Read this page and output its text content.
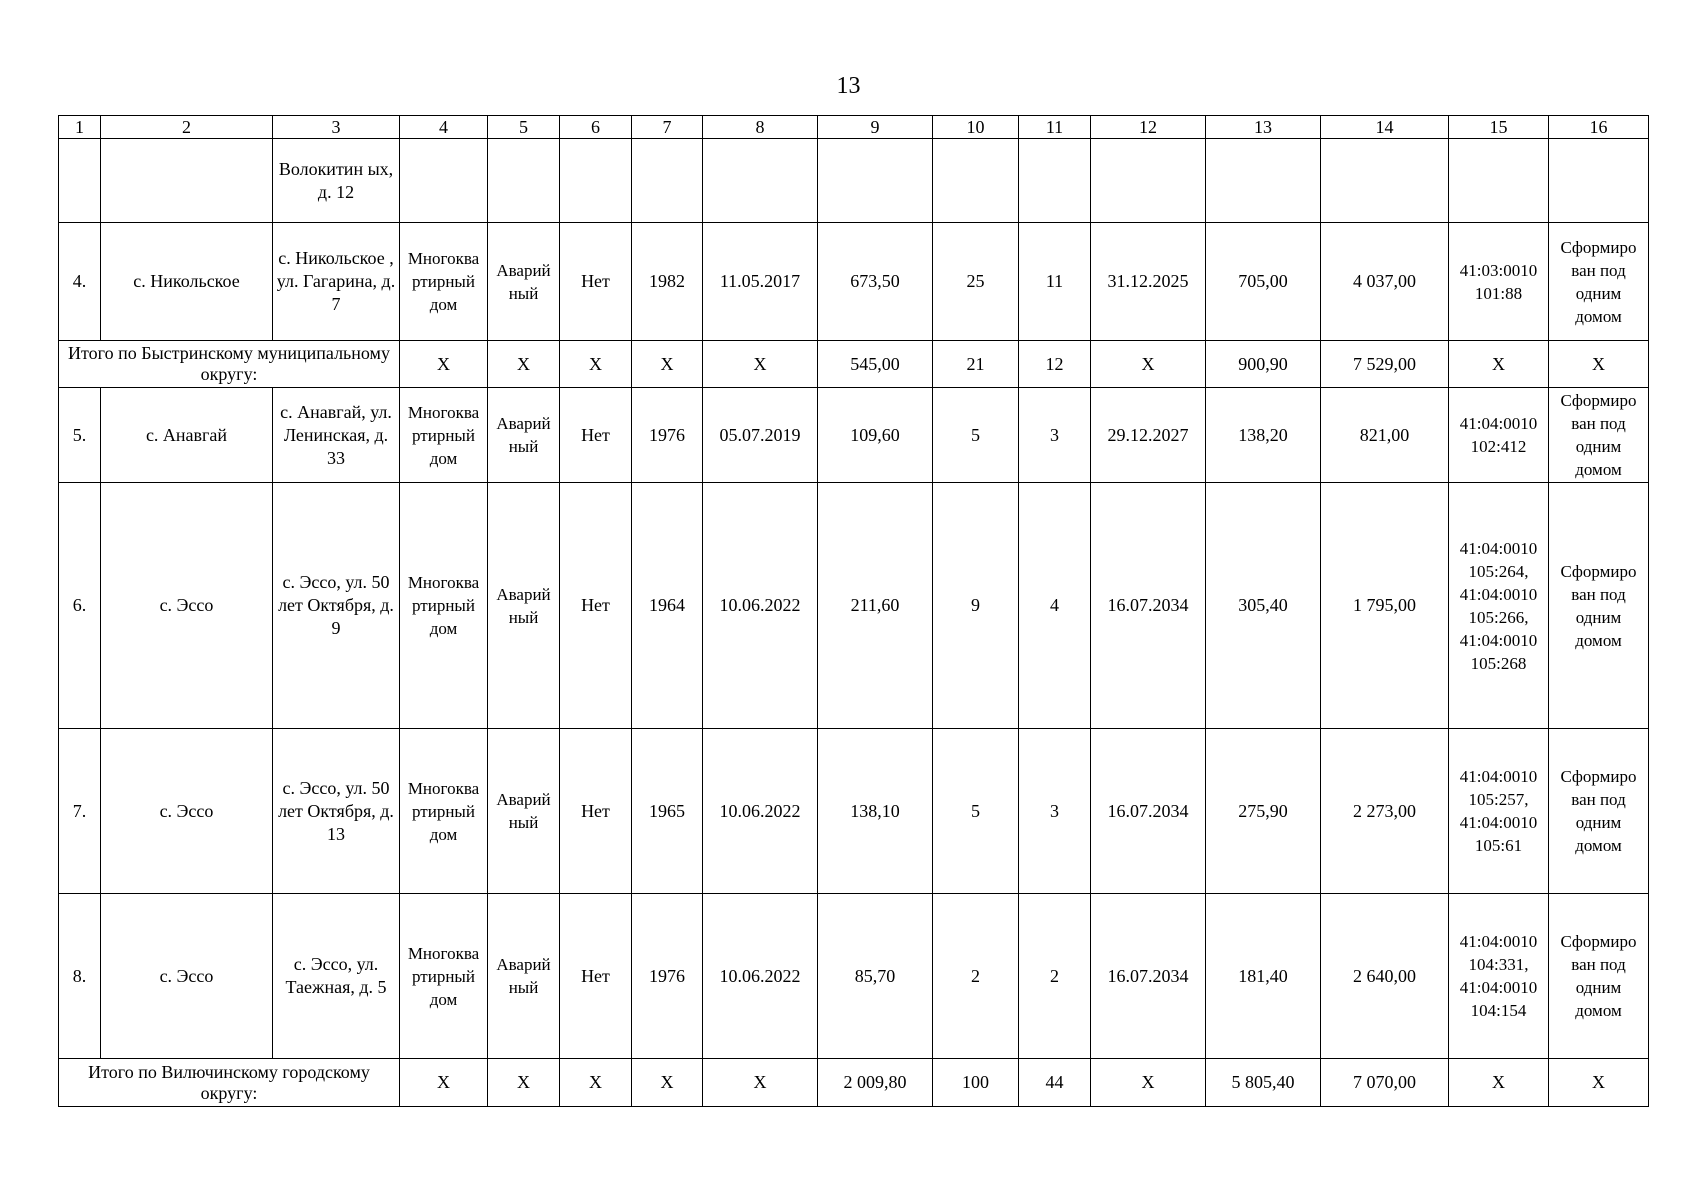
13
1	2	3	4	5	6	7	8	9	10	11	12	13	14	15	16
		Волокитин ых, д. 12													
4.	с. Никольское	с. Никольское , ул. Гагарина, д. 7	Многоква ртирный дом	Аварий ный	Нет	1982	11.05.2017	673,50	25	11	31.12.2025	705,00	4 037,00	41:03:0010 101:88	Сформиро ван под одним домом
Итого по Быстринскому муниципальному округу:			X	X	X	X	X	545,00	21	12	X	900,90	7 529,00	X	X
5.	с. Анавгай	с. Анавгай, ул. Ленинская, д. 33	Многоква ртирный дом	Аварий ный	Нет	1976	05.07.2019	109,60	5	3	29.12.2027	138,20	821,00	41:04:0010 102:412	Сформиро ван под одним домом
6.	с. Эссо	с. Эссо, ул. 50 лет Октября, д. 9	Многоква ртирный дом	Аварий ный	Нет	1964	10.06.2022	211,60	9	4	16.07.2034	305,40	1 795,00	41:04:0010 105:264, 41:04:0010 105:266, 41:04:0010 105:268	Сформиро ван под одним домом
7.	с. Эссо	с. Эссо, ул. 50 лет Октября, д. 13	Многоква ртирный дом	Аварий ный	Нет	1965	10.06.2022	138,10	5	3	16.07.2034	275,90	2 273,00	41:04:0010 105:257, 41:04:0010 105:61	Сформиро ван под одним домом
8.	с. Эссо	с. Эссо, ул. Таежная, д. 5	Многоква ртирный дом	Аварий ный	Нет	1976	10.06.2022	85,70	2	2	16.07.2034	181,40	2 640,00	41:04:0010 104:331, 41:04:0010 104:154	Сформиро ван под одним домом
Итого по Вилючинскому городскому округу:			X	X	X	X	X	2 009,80	100	44	X	5 805,40	7 070,00	X	X
